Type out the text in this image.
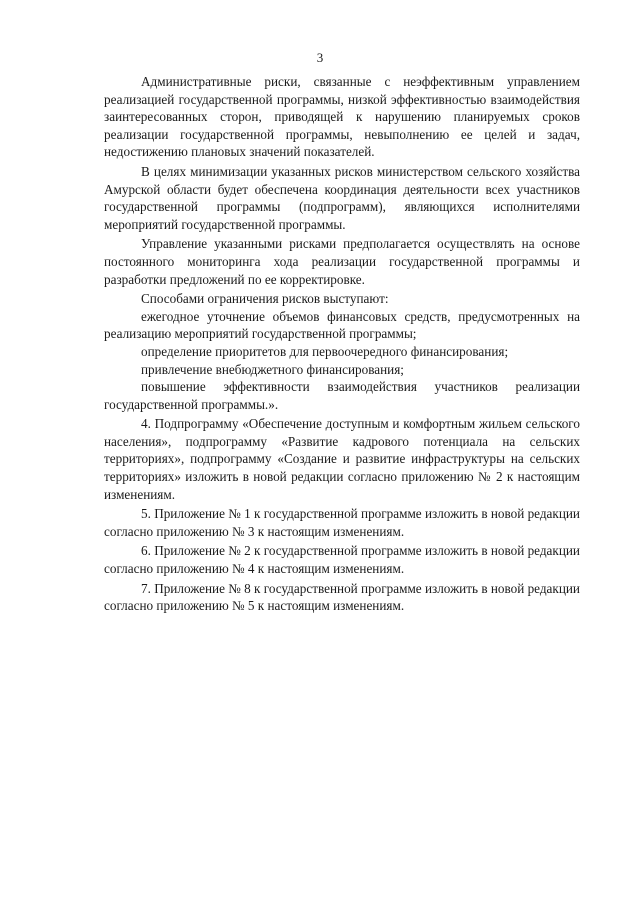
3

Административные риски, связанные с неэффективным управлением реализацией государственной программы, низкой эффективностью взаимодействия заинтересованных сторон, приводящей к нарушению планируемых сроков реализации государственной программы, невыполнению ее целей и задач, недостижению плановых значений показателей.

В целях минимизации указанных рисков министерством сельского хозяйства Амурской области будет обеспечена координация деятельности всех участников государственной программы (подпрограмм), являющихся исполнителями мероприятий государственной программы.

Управление указанными рисками предполагается осуществлять на основе постоянного мониторинга хода реализации государственной программы и разработки предложений по ее корректировке.

Способами ограничения рисков выступают:

ежегодное уточнение объемов финансовых средств, предусмотренных на реализацию мероприятий государственной программы;

определение приоритетов для первоочередного финансирования;

привлечение внебюджетного финансирования;

повышение эффективности взаимодействия участников реализации государственной программы.».

4. Подпрограмму «Обеспечение доступным и комфортным жильем сельского населения», подпрограмму «Развитие кадрового потенциала на сельских территориях», подпрограмму «Создание и развитие инфраструктуры на сельских территориях» изложить в новой редакции согласно приложению № 2 к настоящим изменениям.

5. Приложение № 1 к государственной программе изложить в новой редакции согласно приложению № 3 к настоящим изменениям.

6. Приложение № 2 к государственной программе изложить в новой редакции согласно приложению № 4 к настоящим изменениям.

7. Приложение № 8 к государственной программе изложить в новой редакции согласно приложению № 5 к настоящим изменениям.
